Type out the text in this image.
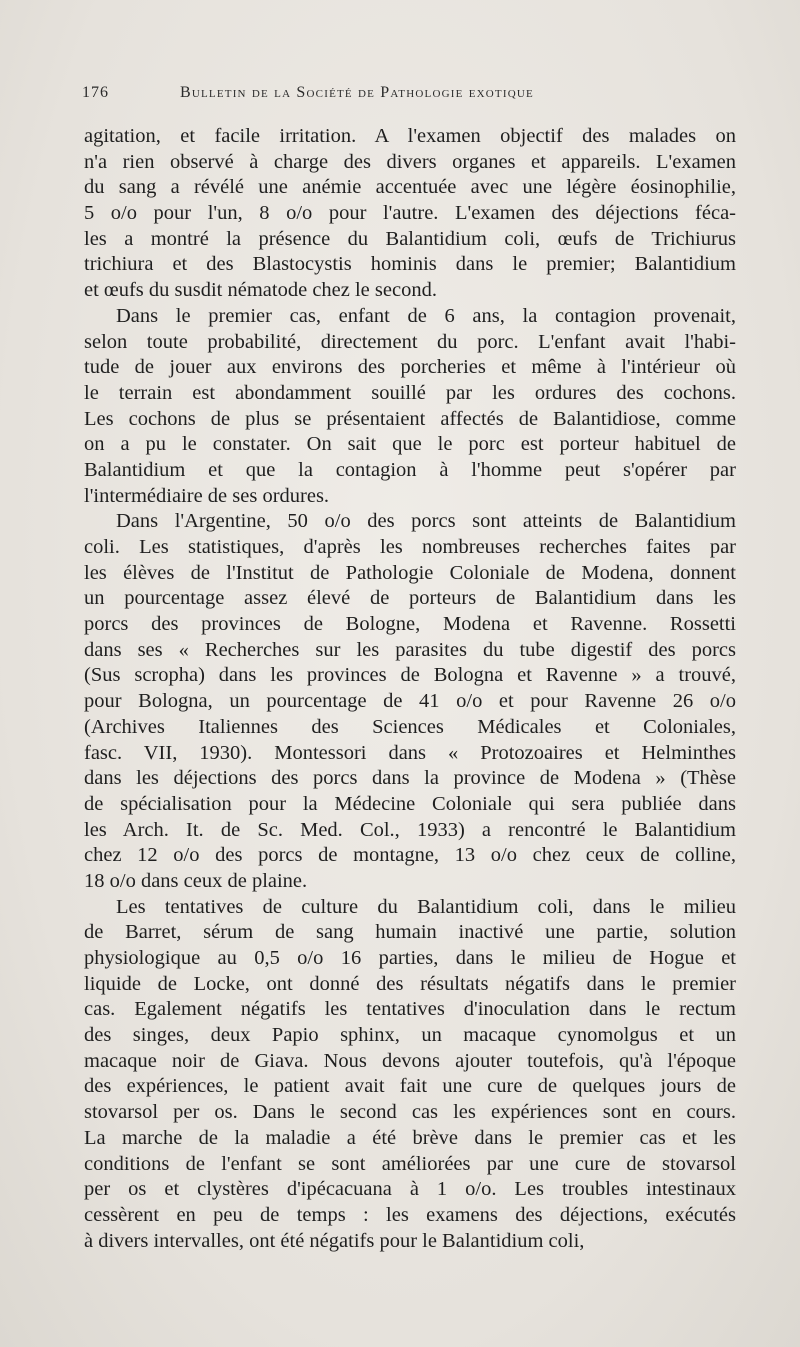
176	Bulletin de la Société de Pathologie exotique
agitation, et facile irritation. A l'examen objectif des malades on
n'a rien observé à charge des divers organes et appareils. L'examen
du sang a révélé une anémie accentuée avec une légère éosinophilie,
5 o/o pour l'un, 8 o/o pour l'autre. L'examen des déjections féca-
les a montré la présence du Balantidium coli, œufs de Trichiurus
trichiura et des Blastocystis hominis dans le premier; Balantidium
et œufs du susdit nématode chez le second.
Dans le premier cas, enfant de 6 ans, la contagion provenait,
selon toute probabilité, directement du porc. L'enfant avait l'habi-
tude de jouer aux environs des porcheries et même à l'intérieur où
le terrain est abondamment souillé par les ordures des cochons.
Les cochons de plus se présentaient affectés de Balantidiose, comme
on a pu le constater. On sait que le porc est porteur habituel de
Balantidium et que la contagion à l'homme peut s'opérer par
l'intermédiaire de ses ordures.
Dans l'Argentine, 50 o/o des porcs sont atteints de Balantidium
coli. Les statistiques, d'après les nombreuses recherches faites par
les élèves de l'Institut de Pathologie Coloniale de Modena, donnent
un pourcentage assez élevé de porteurs de Balantidium dans les
porcs des provinces de Bologne, Modena et Ravenne. Rossetti
dans ses « Recherches sur les parasites du tube digestif des porcs
(Sus scropha) dans les provinces de Bologna et Ravenne » a trouvé,
pour Bologna, un pourcentage de 41 o/o et pour Ravenne 26 o/o
(Archives Italiennes des Sciences Médicales et Coloniales,
fasc. VII, 1930). Montessori dans « Protozoaires et Helminthes
dans les déjections des porcs dans la province de Modena » (Thèse
de spécialisation pour la Médecine Coloniale qui sera publiée dans
les Arch. It. de Sc. Med. Col., 1933) a rencontré le Balantidium
chez 12 o/o des porcs de montagne, 13 o/o chez ceux de colline,
18 o/o dans ceux de plaine.
Les tentatives de culture du Balantidium coli, dans le milieu
de Barret, sérum de sang humain inactivé une partie, solution
physiologique au 0,5 o/o 16 parties, dans le milieu de Hogue et
liquide de Locke, ont donné des résultats négatifs dans le premier
cas. Egalement négatifs les tentatives d'inoculation dans le rectum
des singes, deux Papio sphinx, un macaque cynomolgus et un
macaque noir de Giava. Nous devons ajouter toutefois, qu'à l'époque
des expériences, le patient avait fait une cure de quelques jours de
stovarsol per os. Dans le second cas les expériences sont en cours.
La marche de la maladie a été brève dans le premier cas et les
conditions de l'enfant se sont améliorées par une cure de stovarsol
per os et clystères d'ipécacuana à 1 o/o. Les troubles intestinaux
cessèrent en peu de temps : les examens des déjections, exécutés
à divers intervalles, ont été négatifs pour le Balantidium coli,
